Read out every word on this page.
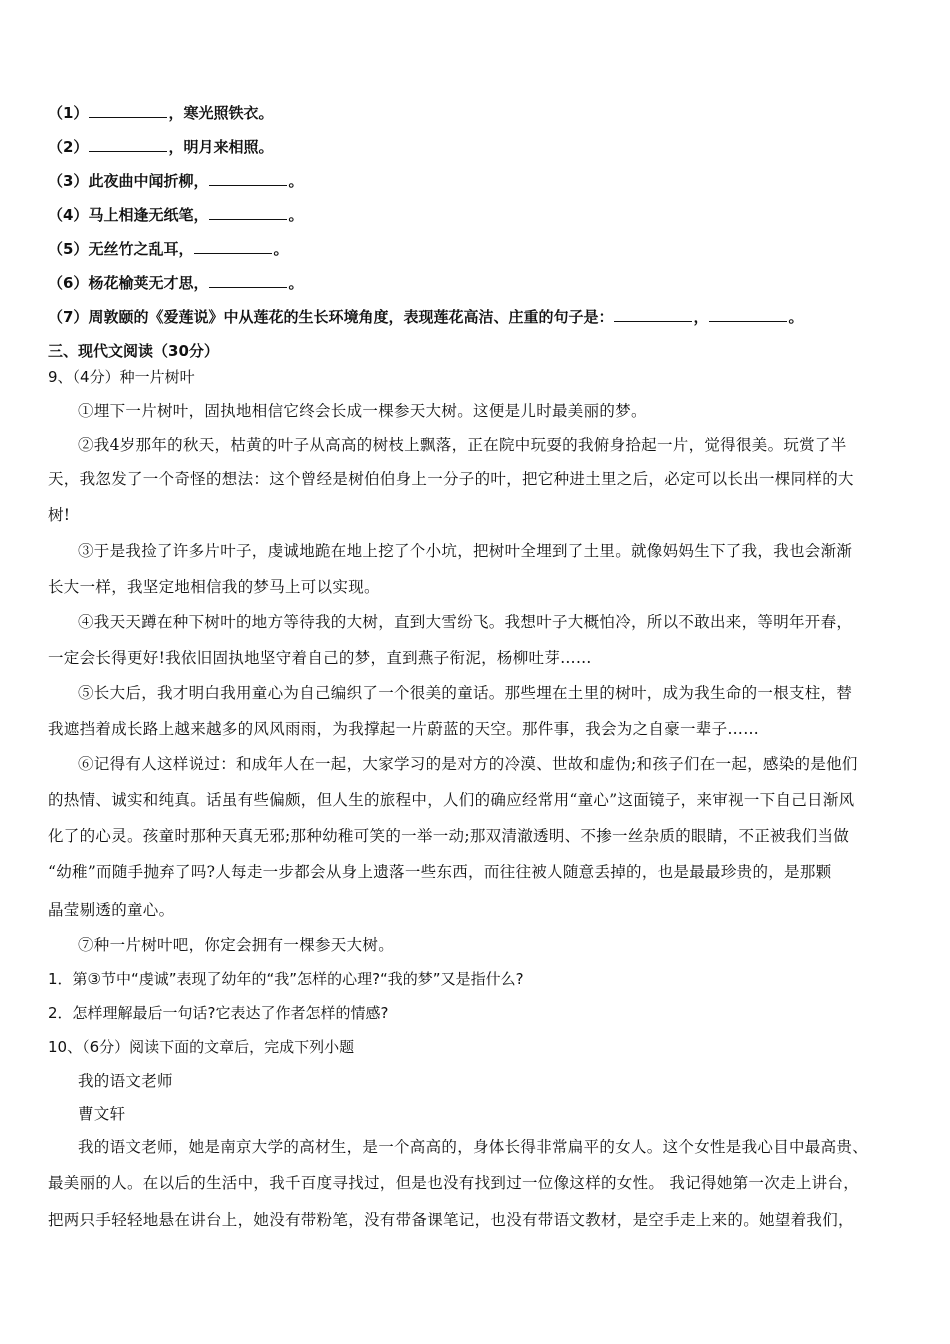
（1）	，寒光照铁衣。
（2）	，明月来相照。
（3）此夜曲中闻折柳，	。
（4）马上相逢无纸笔，	。
（5）无丝竹之乱耳，	。
（6）杨花榆荚无才思，	。
（7）周敦颐的《爱莲说》中从莲花的生长环境角度，表现莲花高洁、庄重的句子是：	，	。
三、现代文阅读（30分）
9、（4分）种一片树叶
①埋下一片树叶，固执地相信它终会长成一棵参天大树。这便是儿时最美丽的梦。
②我4岁那年的秋天，枯黄的叶子从高高的树枝上飘落，正在院中玩耍的我俯身拾起一片，觉得很美。玩赏了半
天，我忽发了一个奇怪的想法：这个曾经是树伯伯身上一分子的叶，把它种进土里之后，必定可以长出一棵同样的大
树!
③于是我捡了许多片叶子，虔诚地跪在地上挖了个小坑，把树叶全埋到了土里。就像妈妈生下了我，我也会渐渐
长大一样，我坚定地相信我的梦马上可以实现。
④我天天蹲在种下树叶的地方等待我的大树，直到大雪纷飞。我想叶子大概怕冷，所以不敢出来，等明年开春，
一定会长得更好!我依旧固执地坚守着自己的梦，直到燕子衔泥，杨柳吐芽……
⑤长大后，我才明白我用童心为自己编织了一个很美的童话。那些埋在土里的树叶，成为我生命的一根支柱，替
我遮挡着成长路上越来越多的风风雨雨，为我撑起一片蔚蓝的天空。那件事，我会为之自豪一辈子……
⑥记得有人这样说过：和成年人在一起，大家学习的是对方的冷漠、世故和虚伪;和孩子们在一起，感染的是他们
的热情、诚实和纯真。话虽有些偏颇，但人生的旅程中，人们的确应经常用“童心”这面镜子，来审视一下自己日渐风
化了的心灵。孩童时那种天真无邪;那种幼稚可笑的一举一动;那双清澈透明、不掺一丝杂质的眼睛，不正被我们当做
“幼稚”而随手抛弃了吗?人每走一步都会从身上遗落一些东西，而往往被人随意丢掉的，也是最最珍贵的，是那颗
晶莹剔透的童心。
⑦种一片树叶吧，你定会拥有一棵参天大树。
1．第③节中“虔诚”表现了幼年的“我”怎样的心理?“我的梦”又是指什么?
2．怎样理解最后一句话?它表达了作者怎样的情感?
10、（6分）阅读下面的文章后，完成下列小题
我的语文老师
曹文轩
我的语文老师，她是南京大学的高材生，是一个高高的，身体长得非常扁平的女人。这个女性是我心目中最高贵、
最美丽的人。在以后的生活中，我千百度寻找过，但是也没有找到过一位像这样的女性。 我记得她第一次走上讲台，
把两只手轻轻地悬在讲台上，她没有带粉笔，没有带备课笔记，也没有带语文教材，是空手走上来的。她望着我们，
